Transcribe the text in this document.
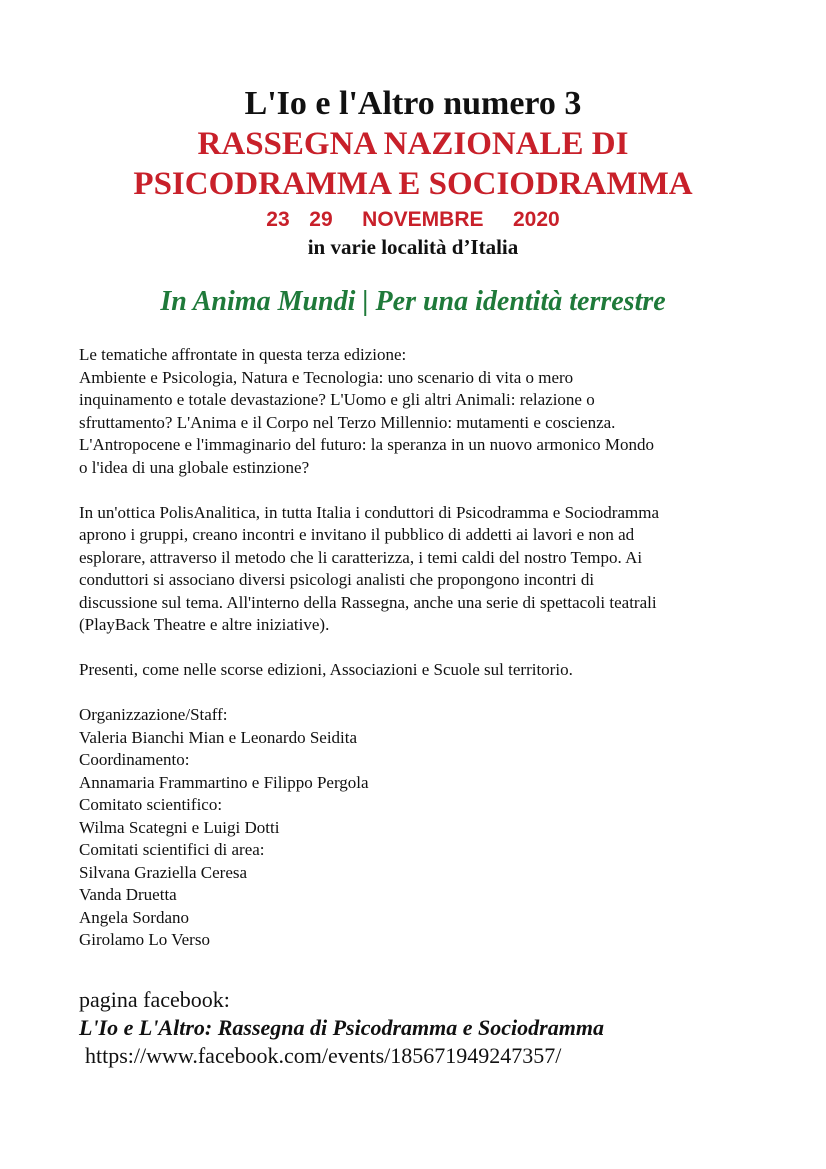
L'Io e l'Altro numero 3
RASSEGNA NAZIONALE DI
PSICODRAMMA E SOCIODRAMMA
23  29   NOVEMBRE   2020
in varie località d’Italia
In Anima Mundi | Per una identità terrestre

Le tematiche affrontate in questa terza edizione:
Ambiente e Psicologia, Natura e Tecnologia: uno scenario di vita o mero
inquinamento e totale devastazione? L'Uomo e gli altri Animali: relazione o
sfruttamento? L'Anima e il Corpo nel Terzo Millennio: mutamenti e coscienza.
L'Antropocene e l'immaginario del futuro: la speranza in un nuovo armonico Mondo
o l'idea di una globale estinzione?

In un'ottica PolisAnalitica, in tutta Italia i conduttori di Psicodramma e Sociodramma
aprono i gruppi, creano incontri e invitano il pubblico di addetti ai lavori e non ad
esplorare, attraverso il metodo che li caratterizza, i temi caldi del nostro Tempo. Ai
conduttori si associano diversi psicologi analisti che propongono incontri di
discussione sul tema. All'interno della Rassegna, anche una serie di spettacoli teatrali
(PlayBack Theatre e altre iniziative).

Presenti, come nelle scorse edizioni, Associazioni e Scuole sul territorio.

Organizzazione/Staff:
Valeria Bianchi Mian e Leonardo Seidita
Coordinamento:
Annamaria Frammartino e Filippo Pergola
Comitato scientifico:
Wilma Scategni e Luigi Dotti
Comitati scientifici di area:
Silvana Graziella Ceresa
Vanda Druetta
Angela Sordano
Girolamo Lo Verso
pagina facebook:
L'Io e L'Altro: Rassegna di Psicodramma e Sociodramma
https://www.facebook.com/events/185671949247357/
